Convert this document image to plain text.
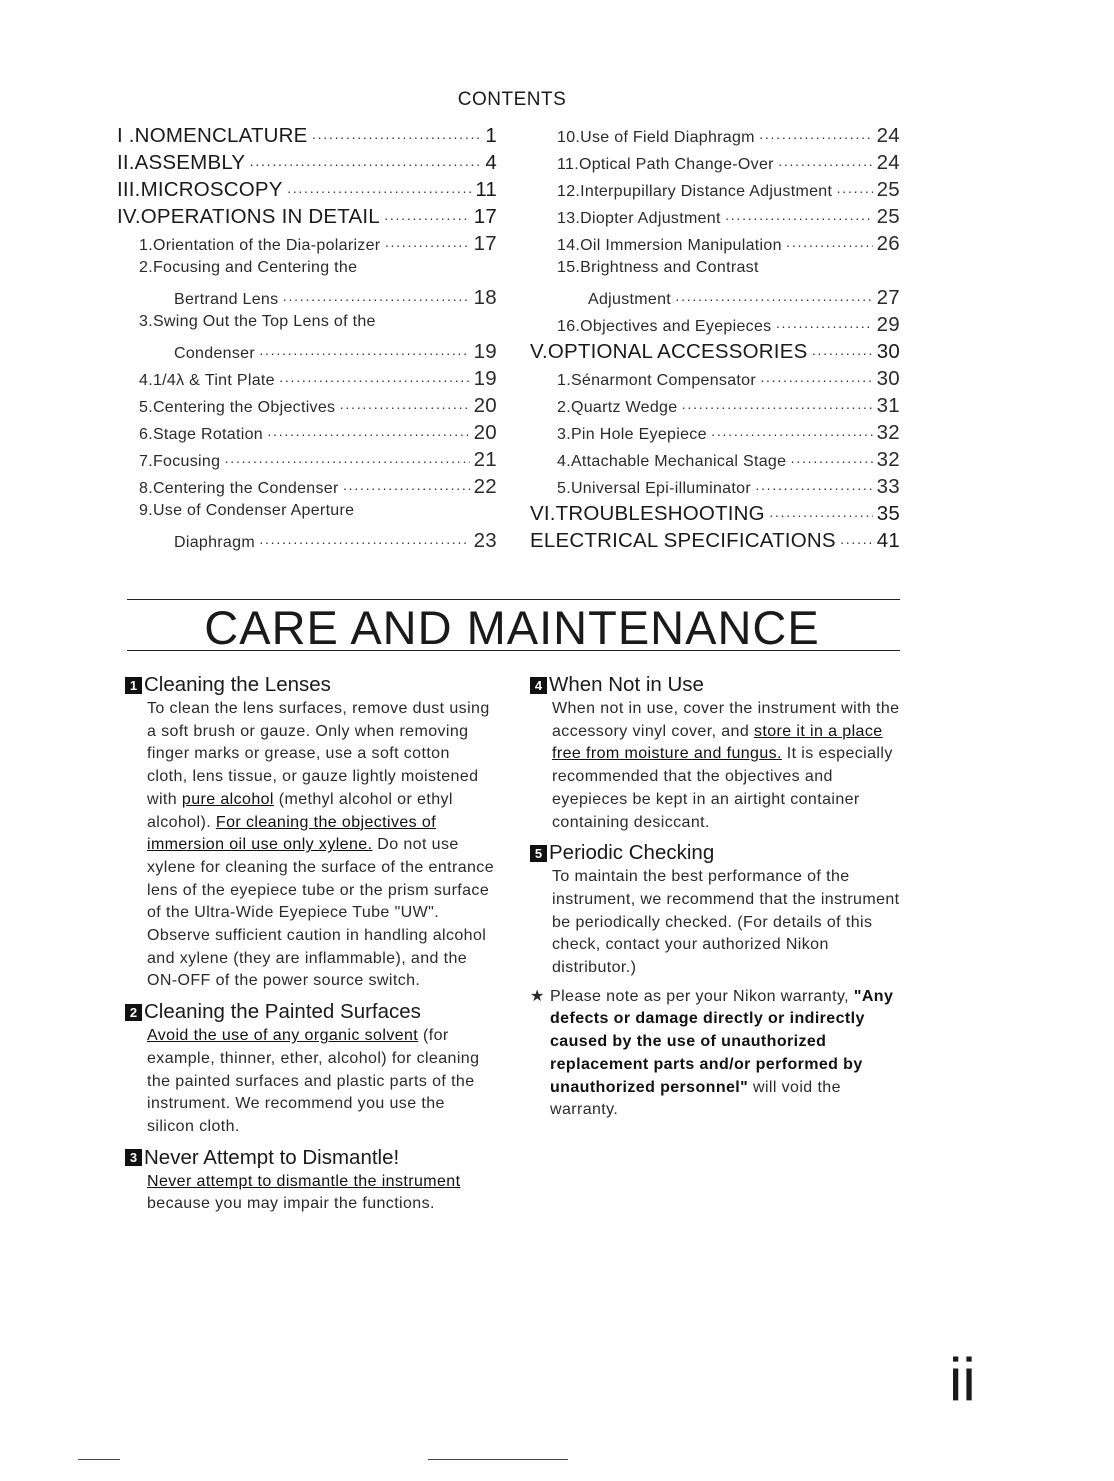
CONTENTS
I .NOMENCLATURE ·····	1
II.ASSEMBLY ·····	4
III.MICROSCOPY ·····	11
IV.OPERATIONS IN DETAIL ·····	17
1.Orientation of the Dia-polarizer ·····	17
2.Focusing and Centering the
Bertrand Lens ·····	18
3.Swing Out the Top Lens of the
Condenser ·····	19
4.1/4λ & Tint Plate ·····	19
5.Centering the Objectives ·····	20
6.Stage Rotation ·····	20
7.Focusing ·····	21
8.Centering the Condenser ·····	22
9.Use of Condenser Aperture
Diaphragm ·····	23
10.Use of Field Diaphragm ·····	24
11.Optical Path Change-Over ·····	24
12.Interpupillary Distance Adjustment ····· 25
13.Diopter Adjustment ·····	25
14.Oil Immersion Manipulation ·····	26
15.Brightness and Contrast
Adjustment ·····	27
16.Objectives and Eyepieces ·····	29
V.OPTIONAL ACCESSORIES ·····	30
1.Sénarmont Compensator ·····	30
2.Quartz Wedge ·····	31
3.Pin Hole Eyepiece ·····	32
4.Attachable Mechanical Stage ·····	32
5.Universal Epi-illuminator ·····	33
VI.TROUBLESHOOTING ·····	35
ELECTRICAL SPECIFICATIONS ····· 41
CARE AND MAINTENANCE
1 Cleaning the Lenses

To clean the lens surfaces, remove dust using a soft brush or gauze. Only when removing finger marks or grease, use a soft cotton cloth, lens tissue, or gauze lightly moistened with pure alcohol (methyl alcohol or ethyl alcohol). For cleaning the objectives of immersion oil use only xylene. Do not use xylene for cleaning the surface of the entrance lens of the eyepiece tube or the prism surface of the Ultra-Wide Eyepiece Tube "UW". Observe sufficient caution in handling alcohol and xylene (they are inflammable), and the ON-OFF of the power source switch.

2 Cleaning the Painted Surfaces

Avoid the use of any organic solvent (for example, thinner, ether, alcohol) for cleaning the painted surfaces and plastic parts of the instrument. We recommend you use the silicon cloth.

3 Never Attempt to Dismantle!

Never attempt to dismantle the instrument because you may impair the functions.

4 When Not in Use

When not in use, cover the instrument with the accessory vinyl cover, and store it in a place free from moisture and fungus. It is especially recommended that the objectives and eyepieces be kept in an airtight container containing desiccant.

5 Periodic Checking

To maintain the best performance of the instrument, we recommend that the instrument be periodically checked. (For details of this check, contact your authorized Nikon distributor.)

★ Please note as per your Nikon warranty, "Any defects or damage directly or indirectly caused by the use of unauthorized replacement parts and/or performed by unauthorized personnel" will void the warranty.
ii
